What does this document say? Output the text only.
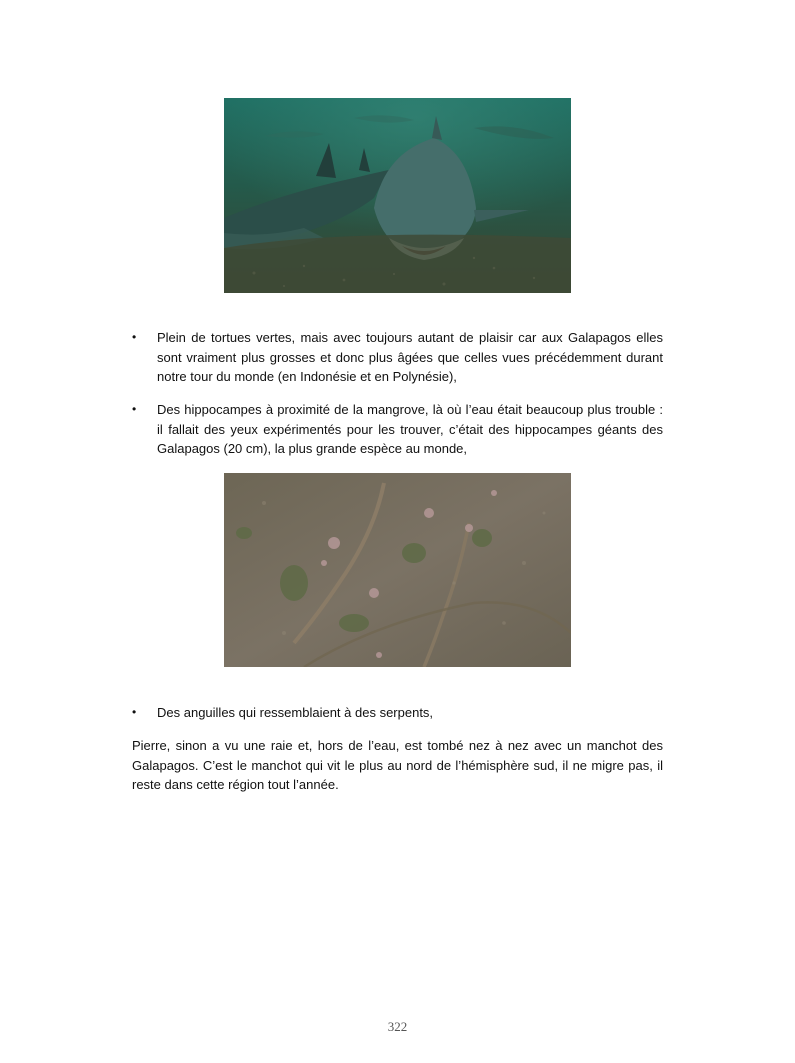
• Plein de tortues vertes, mais avec toujours autant de plaisir car aux Galapagos elles sont vraiment plus grosses et donc plus âgées que celles vues précédemment durant notre tour du monde (en Indonésie et en Polynésie),

• Des hippocampes à proximité de la mangrove, là où l’eau était beaucoup plus trouble : il fallait des yeux expérimentés pour les trouver, c’était des hippocampes géants des Galapagos (20 cm), la plus grande espèce au monde,

• Des anguilles qui ressemblaient à des serpents,

Pierre, sinon a vu une raie et, hors de l’eau, est tombé nez à nez avec un manchot des Galapagos. C’est le manchot qui vit le plus au nord de l’hémisphère sud, il ne migre pas, il reste dans cette région tout l’année.
322
